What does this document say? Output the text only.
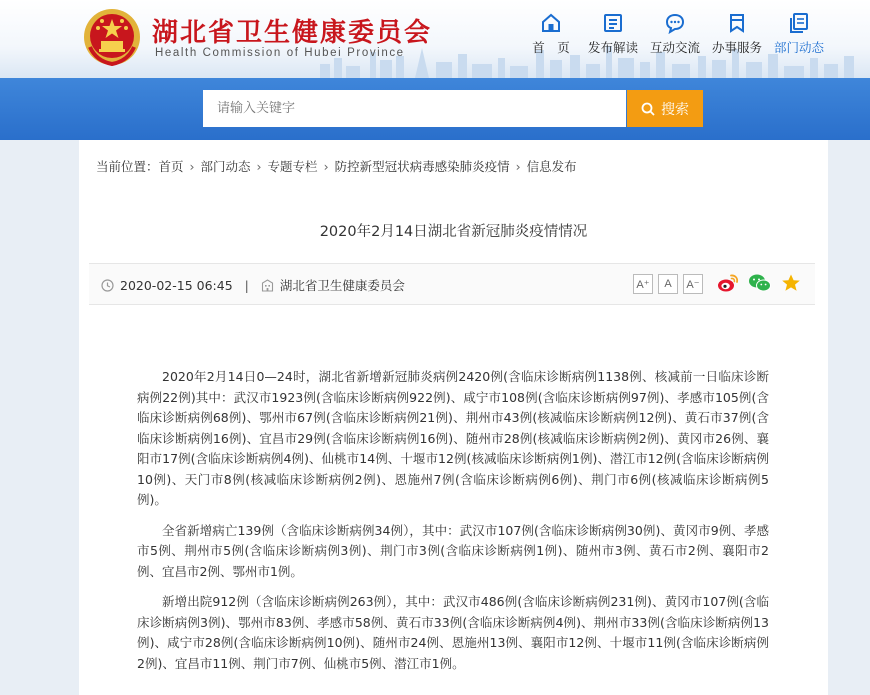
湖北省卫生健康委员会
Health Commission of Hubei Province	首　页	发布解读 互动交流 办事服务 部门动态
请输入关键字
搜索
当前位置： 首页 › 部门动态 › 专题专栏 › 防控新型冠状病毒感染肺炎疫情 › 信息发布
2020年2月14日湖北省新冠肺炎疫情情况
2020-02-15 06:45 | 湖北省卫生健康委员会	A⁺	A	A⁻

2020年2月14日0—24时，湖北省新增新冠肺炎病例2420例(含临床诊断病例1138例、核减前一日临床诊断病例22例)其中：武汉市1923例(含临床诊断病例922例)、咸宁市108例(含临床诊断病例97例)、孝感市105例(含临床诊断病例68例)、鄂州市67例(含临床诊断病例21例)、荆州市43例(核减临床诊断病例12例)、黄石市37例(含临床诊断病例16例)、宜昌市29例(含临床诊断病例16例)、随州市28例(核减临床诊断病例2例)、黄冈市26例、襄阳市17例(含临床诊断病例4例)、仙桃市14例、十堰市12例(核减临床诊断病例1例)、潜江市12例(含临床诊断病例10例)、天门市8例(核减临床诊断病例2例)、恩施州7例(含临床诊断病例6例)、荆门市6例(核减临床诊断病例5例)。

全省新增病亡139例（含临床诊断病例34例），其中：武汉市107例(含临床诊断病例30例)、黄冈市9例、孝感市5例、荆州市5例(含临床诊断病例3例)、荆门市3例(含临床诊断病例1例)、随州市3例、黄石市2例、襄阳市2例、宜昌市2例、鄂州市1例。

新增出院912例（含临床诊断病例263例），其中：武汉市486例(含临床诊断病例231例)、黄冈市107例(含临床诊断病例3例)、鄂州市83例、孝感市58例、黄石市33例(含临床诊断病例4例)、荆州市33例(含临床诊断病例13例)、咸宁市28例(含临床诊断病例10例)、随州市24例、恩施州13例、襄阳市12例、十堰市11例(含临床诊断病例2例)、宜昌市11例、荆门市7例、仙桃市5例、潜江市1例。
